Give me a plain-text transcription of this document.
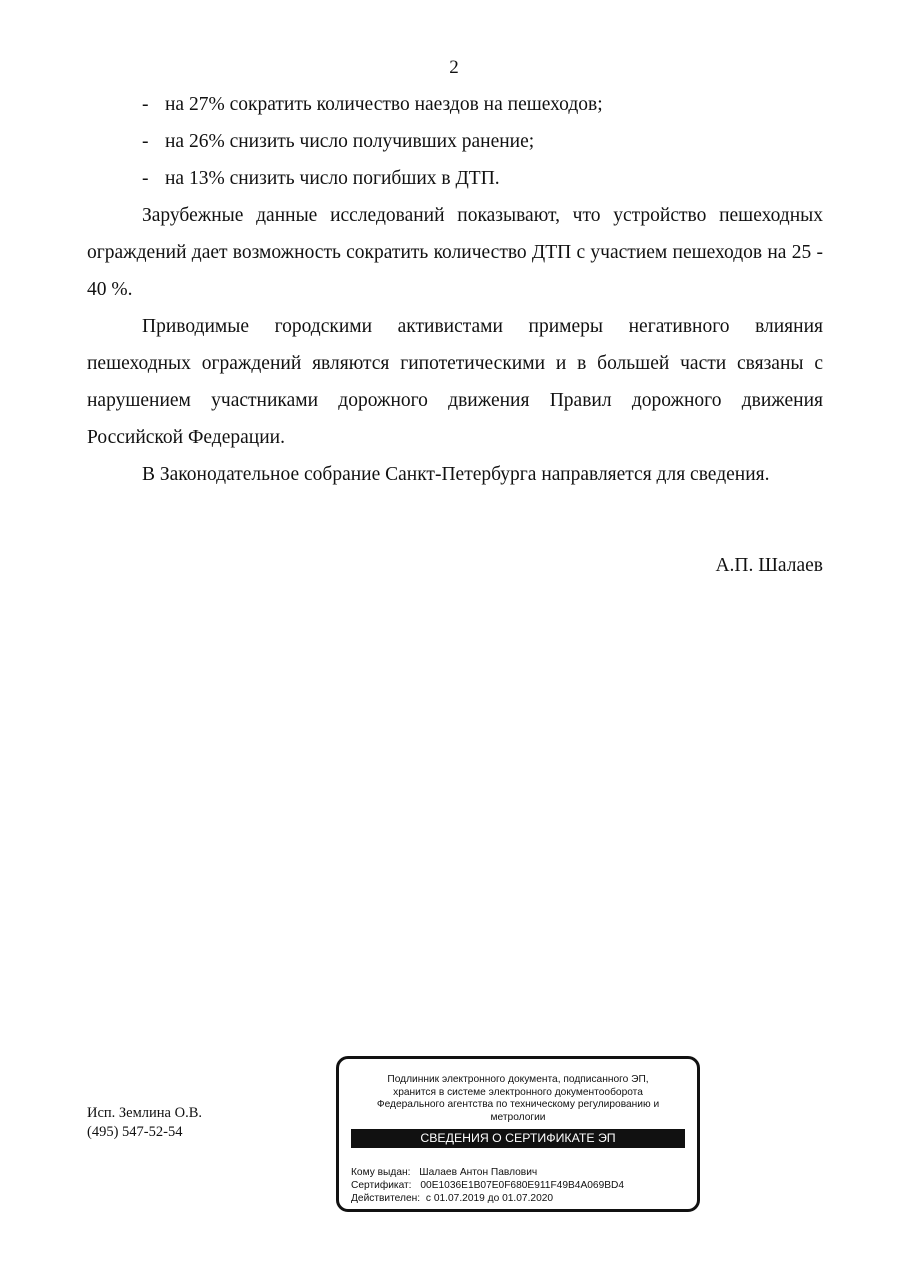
2
- на 27% сократить количество наездов на пешеходов;
- на 26% снизить число получивших ранение;
- на 13% снизить число погибших в ДТП.

Зарубежные данные исследований показывают, что устройство пешеходных ограждений дает возможность сократить количество ДТП с участием пешеходов на 25 - 40 %.

Приводимые городскими активистами примеры негативного влияния пешеходных ограждений являются гипотетическими и в большей части связаны с нарушением участниками дорожного движения Правил дорожного движения Российской Федерации.

В Законодательное собрание Санкт-Петербурга направляется для сведения.

А.П. Шалаев
Исп. Землина О.В.
(495) 547-52-54
Подлинник электронного документа, подписанного ЭП,
хранится в системе электронного документооборота
Федерального агентства по техническому регулированию и
метрологии
СВЕДЕНИЯ О СЕРТИФИКАТЕ ЭП
Кому выдан: Шалаев Антон Павлович
Сертификат: 00E1036E1B07E0F680E911F49B4A069BD4
Действителен: с 01.07.2019 до 01.07.2020
